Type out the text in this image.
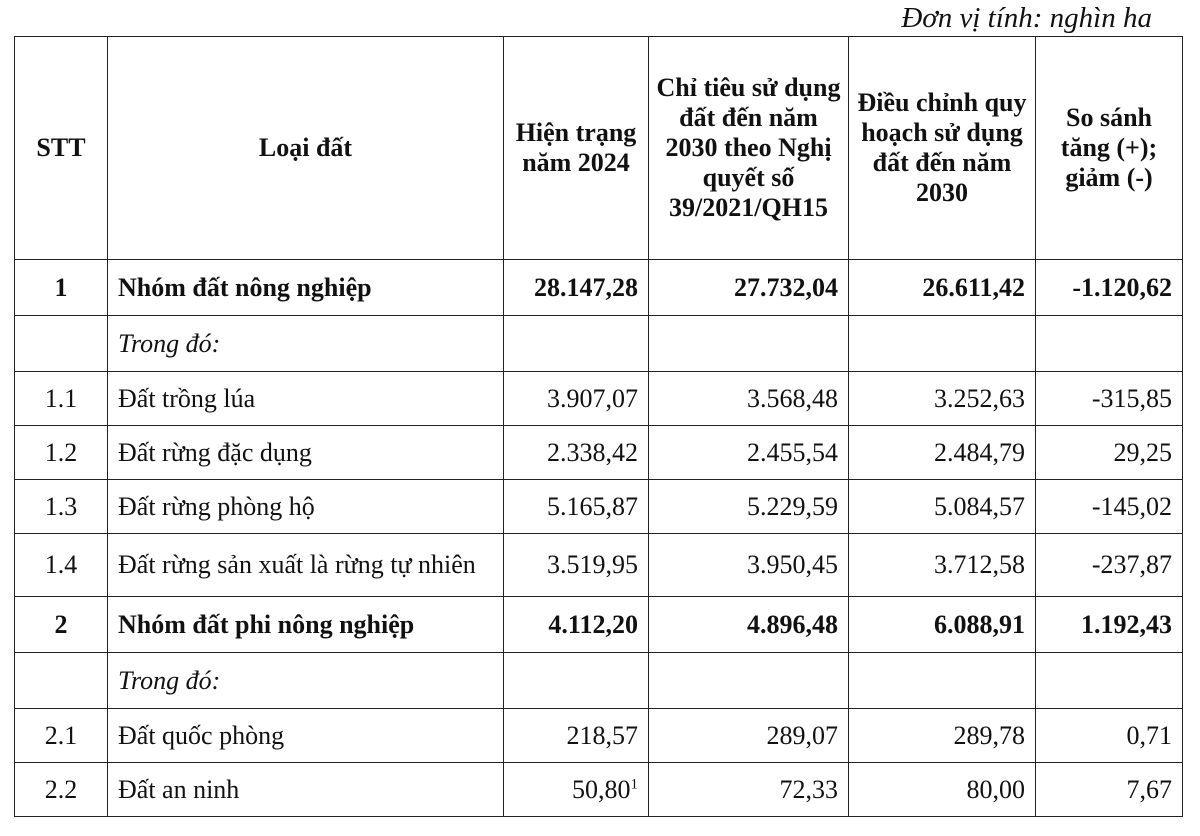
Đơn vị tính: nghìn ha
STT	Loại đất	Hiện trạng năm 2024	Chỉ tiêu sử dụng đất đến năm 2030 theo Nghị quyết số 39/2021/QH15	Điều chỉnh quy hoạch sử dụng đất đến năm 2030	So sánh tăng (+); giảm (-)
1	Nhóm đất nông nghiệp	28.147,28	27.732,04	26.611,42	-1.120,62
	Trong đó:				
1.1	Đất trồng lúa	3.907,07	3.568,48	3.252,63	-315,85
1.2	Đất rừng đặc dụng	2.338,42	2.455,54	2.484,79	29,25
1.3	Đất rừng phòng hộ	5.165,87	5.229,59	5.084,57	-145,02
1.4	Đất rừng sản xuất là rừng tự nhiên	3.519,95	3.950,45	3.712,58	-237,87
2	Nhóm đất phi nông nghiệp	4.112,20	4.896,48	6.088,91	1.192,43
	Trong đó:				
2.1	Đất quốc phòng	218,57	289,07	289,78	0,71
2.2	Đất an ninh	50,80$^1$	72,33	80,00	7,67
